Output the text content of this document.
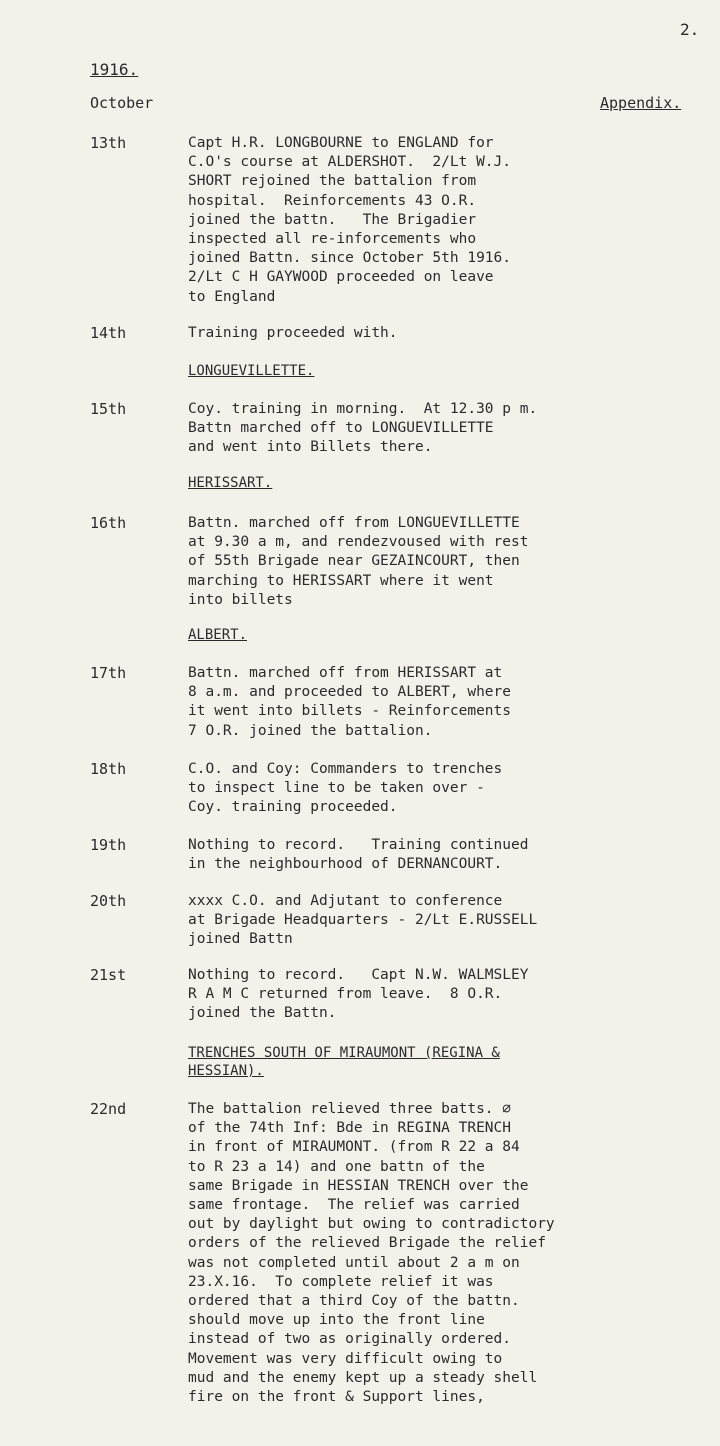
2.
1916.
October	Appendix.
13th	Capt H.R. LONGBOURNE to ENGLAND for
C.O's course at ALDERSHOT.  2/Lt W.J.
SHORT rejoined the battalion from
hospital.  Reinforcements 43 O.R.
joined the battn.   The Brigadier
inspected all re-inforcements who
joined Battn. since October 5th 1916.
2/Lt C H GAYWOOD proceeded on leave
to England
14th	Training proceeded with.
LONGUEVILLETTE.
15th	Coy. training in morning.  At 12.30 p m.
Battn marched off to LONGUEVILLETTE
and went into Billets there.
HERISSART.
16th	Battn. marched off from LONGUEVILLETTE
at 9.30 a m, and rendezvoused with rest
of 55th Brigade near GEZAINCOURT, then
marching to HERISSART where it went
into billets
ALBERT.
17th	Battn. marched off from HERISSART at
8 a.m. and proceeded to ALBERT, where
it went into billets - Reinforcements
7 O.R. joined the battalion.
18th	C.O. and Coy: Commanders to trenches
to inspect line to be taken over -
Coy. training proceeded.
19th	Nothing to record.   Training continued
in the neighbourhood of DERNANCOURT.
20th	xxxx C.O. and Adjutant to conference
at Brigade Headquarters - 2/Lt E.RUSSELL
joined Battn
21st	Nothing to record.   Capt N.W. WALMSLEY
R A M C returned from leave.  8 O.R.
joined the Battn.
TRENCHES SOUTH OF MIRAUMONT (REGINA &
HESSIAN).
22nd	The battalion relieved three batts. ∅
of the 74th Inf: Bde in REGINA TRENCH
in front of MIRAUMONT. (from R 22 a 84
to R 23 a 14) and one battn of the
same Brigade in HESSIAN TRENCH over the
same frontage.  The relief was carried
out by daylight but owing to contradictory
orders of the relieved Brigade the relief
was not completed until about 2 a m on
23.X.16.  To complete relief it was
ordered that a third Coy of the battn.
should move up into the front line
instead of two as originally ordered.
Movement was very difficult owing to
mud and the enemy kept up a steady shell
fire on the front & Support lines,
